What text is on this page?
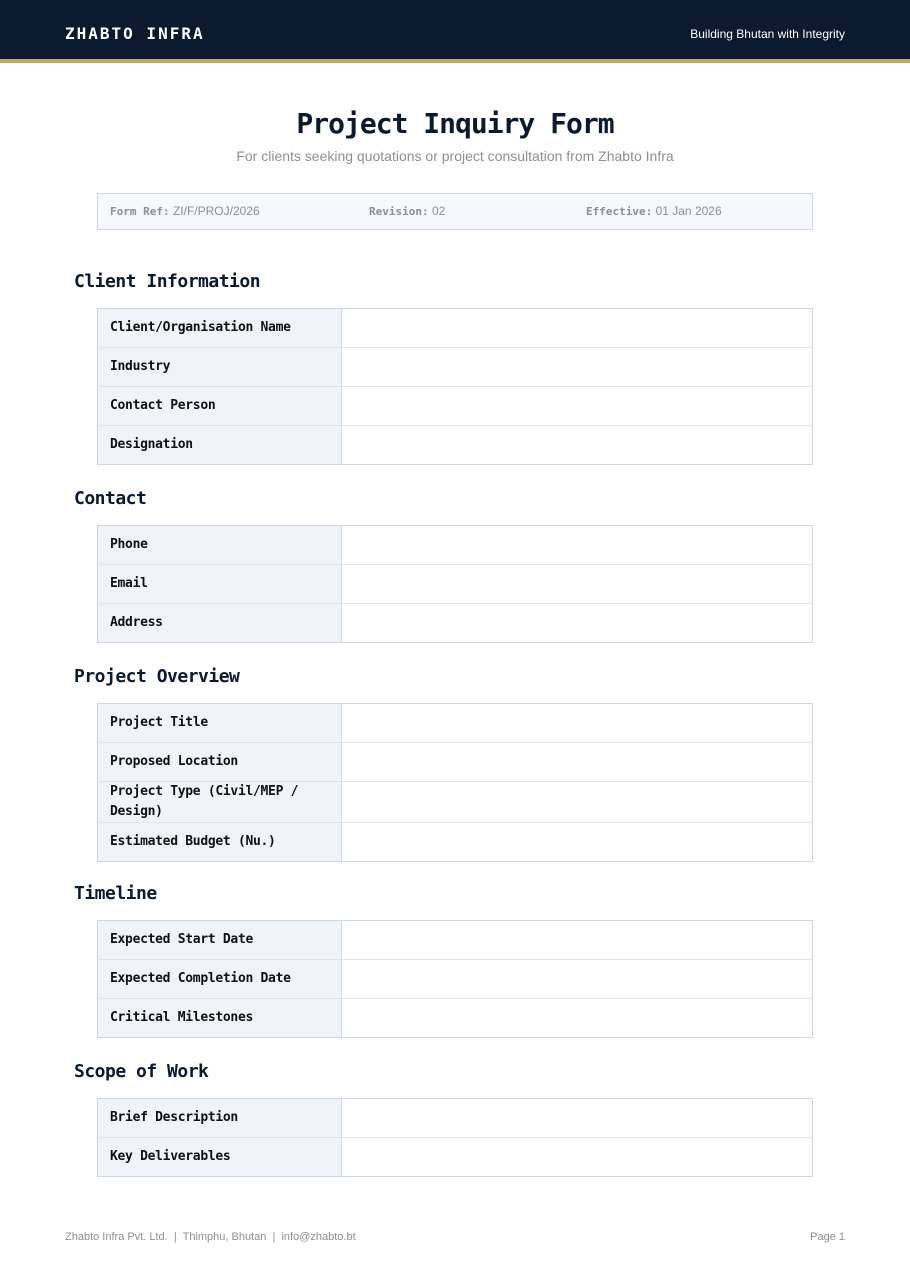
ZHABTO INFRA	Building Bhutan with Integrity
Project Inquiry Form
For clients seeking quotations or project consultation from Zhabto Infra
Form Ref: ZI/F/PROJ/2026	Revision: 02	Effective: 01 Jan 2026
Client Information
Client/Organisation Name	
Industry	
Contact Person	
Designation	
Contact
Phone	
Email	
Address	
Project Overview
Project Title	
Proposed Location	
Project Type (Civil/MEP / Design)	
Estimated Budget (Nu.)	
Timeline
Expected Start Date	
Expected Completion Date	
Critical Milestones	
Scope of Work
Brief Description	
Key Deliverables	
Zhabto Infra Pvt. Ltd.  |  Thimphu, Bhutan  |  info@zhabto.bt	Page 1
